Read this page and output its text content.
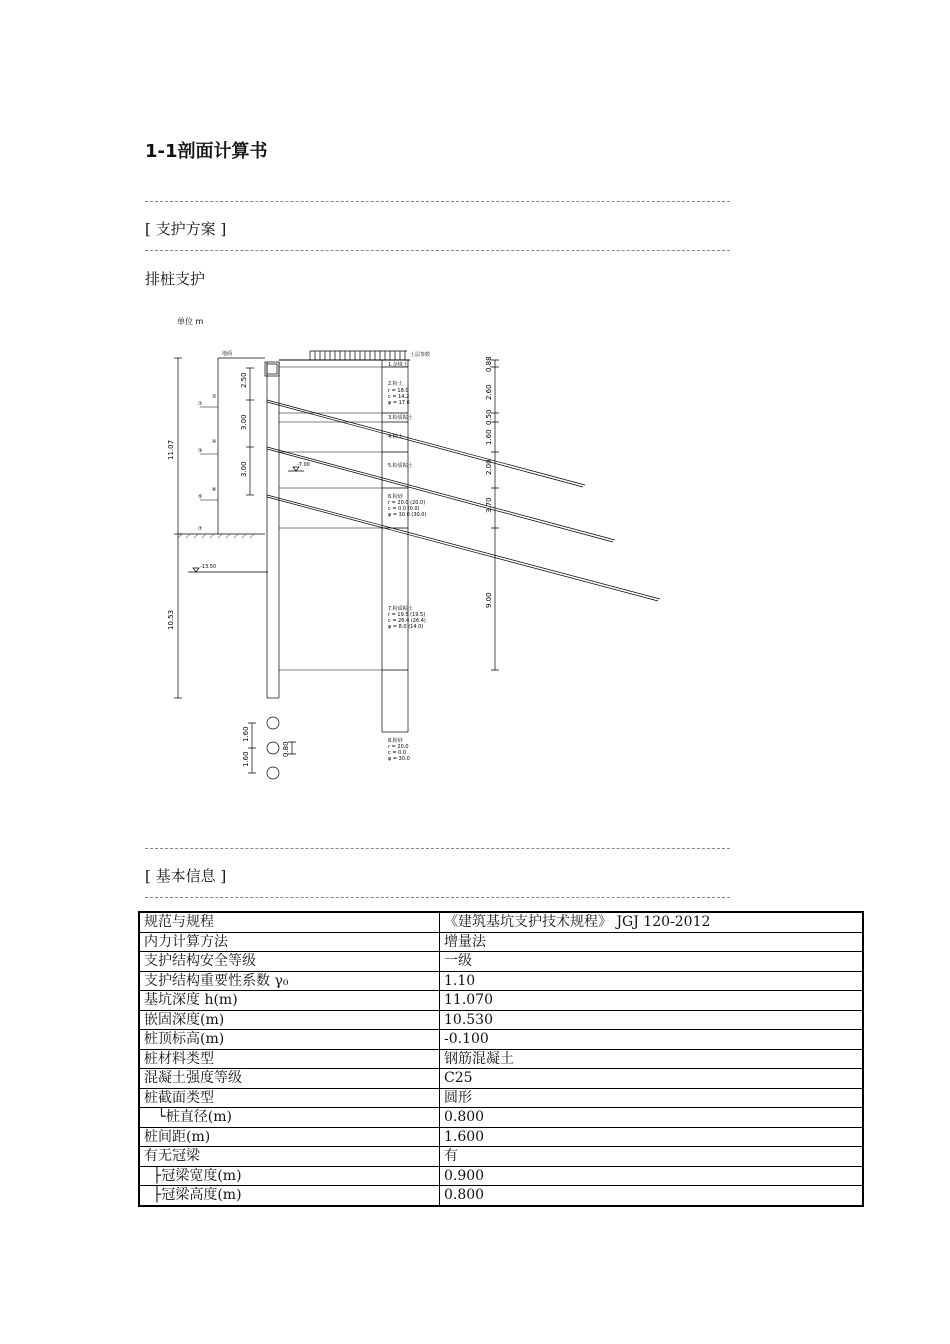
1-1剖面计算书
[ 支护方案 ]
排桩支护
单位 m
11.07
10.53
地面
①
②
③
④
⑤
⑥
⑦
2.50
3.00
3.00	-7.00
-13.50
土层参数
1.杂填土
2.粉土
r = 18.0
c = 14.2
φ = 17.6
3.粉质粘土
4.粉土
5.粉质粘土
6.粉砂
r = 20.0 (20.0)
c = 0.0 (0.0)
φ = 30.0 (30.0)
7.粉质粘土
r = 19.5 (19.5)
c = 26.4 (26.4)
φ = 8.0 (14.0)
8.粉砂
r = 20.0
c = 0.0
φ = 30.0
0.88
2.60
0.50
1.60
2.00
3.70
9.00
1.60
1.60
0.80
[ 基本信息 ]
规范与规程	《建筑基坑支护技术规程》 JGJ 120-2012
内力计算方法	增量法
支护结构安全等级	一级
支护结构重要性系数 γ₀	1.10
基坑深度 h(m)	11.070
嵌固深度(m)	10.530
桩顶标高(m)	-0.100
桩材料类型	钢筋混凝土
混凝土强度等级	C25
桩截面类型	圆形
└桩直径(m)	0.800
桩间距(m)	1.600
有无冠梁	有
├冠梁宽度(m)	0.900
├冠梁高度(m)	0.800
